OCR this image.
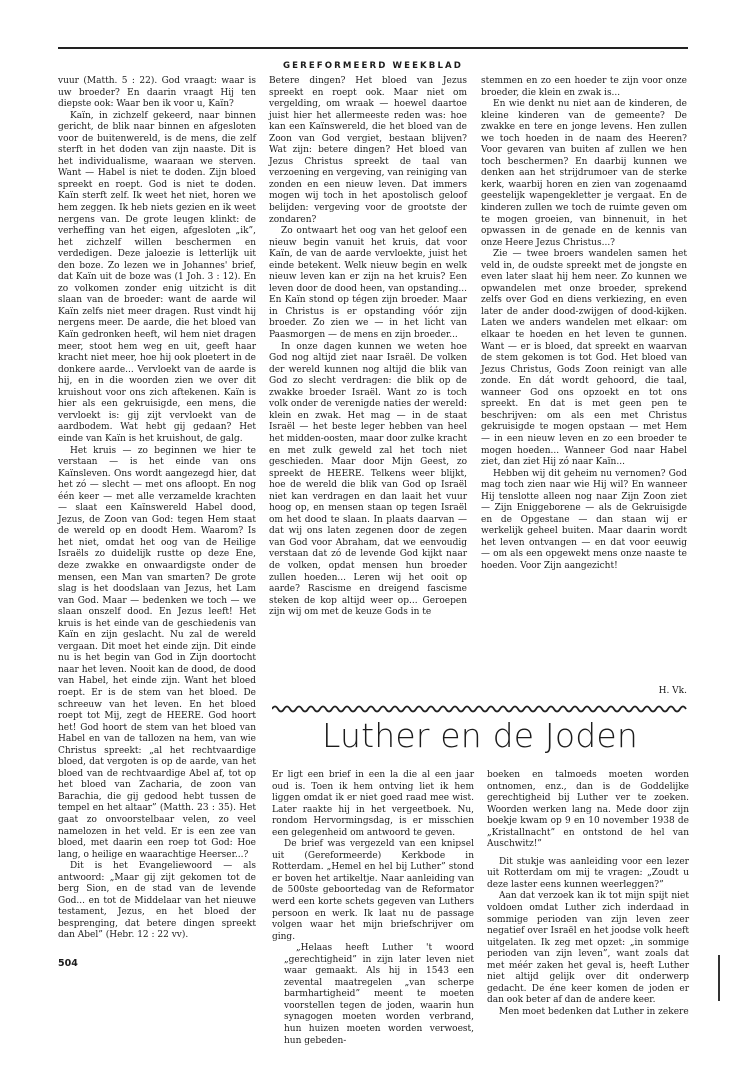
GEREFORMEERD WEEKBLAD

vuur (Matth. 5 : 22). God vraagt: waar is uw broeder? En daarin vraagt Hij ten diepste ook: Waar ben ik voor u, Kaïn?

Kaïn, in zichzelf gekeerd, naar binnen gericht, de blik naar binnen en afgesloten voor de buitenwereld, is de mens, die zelf sterft in het doden van zijn naaste. Dit is het individualisme, waaraan we sterven. Want — Habel is niet te doden. Zijn bloed spreekt en roept. God is niet te doden. Kaïn sterft zelf. Ik weet het niet, horen we hem zeggen. Ik heb niets gezien en ik weet nergens van. De grote leugen klinkt: de verheffing van het eigen, afgesloten „ik”, het zichzelf willen beschermen en verdedigen. Deze jaloezie is letterlijk uit den boze. Zo lezen we in Johannes' brief, dat Kaïn uit de boze was (1 Joh. 3 : 12). En zo volkomen zonder enig uitzicht is dit slaan van de broeder: want de aarde wil Kaïn zelfs niet meer dragen. Rust vindt hij nergens meer. De aarde, die het bloed van Kaïn gedronken heeft, wil hem niet dragen meer, stoot hem weg en uit, geeft haar kracht niet meer, hoe hij ook ploetert in de donkere aarde... Vervloekt van de aarde is hij, en in die woorden zien we over dit kruishout voor ons zich aftekenen. Kaïn is hier als een gekruisigde, een mens, die vervloekt is: gij zijt vervloekt van de aardbodem. Wat hebt gij gedaan? Het einde van Kaïn is het kruishout, de galg.

Het kruis — zo beginnen we hier te verstaan — is het einde van ons Kaïnsleven. Ons wordt aangezegd hier, dat het zó — slecht — met ons afloopt. En nog één keer — met alle verzamelde krachten — slaat een Kaïnswereld Habel dood, Jezus, de Zoon van God: tegen Hem staat de wereld op en doodt Hem. Waarom? Is het niet, omdat het oog van de Heilige Israëls zo duidelijk rustte op deze Ene, deze zwakke en onwaardigste onder de mensen, een Man van smarten? De grote slag is het doodslaan van Jezus, het Lam van God. Maar — bedenken we toch — we slaan onszelf dood. En Jezus leeft! Het kruis is het einde van de geschiedenis van Kaïn en zijn geslacht. Nu zal de wereld vergaan. Dit moet het einde zijn. Dit einde nu is het begin van God in Zijn doortocht naar het leven. Nooit kan de dood, de dood van Habel, het einde zijn. Want het bloed roept. Er is de stem van het bloed. De schreeuw van het leven. En het bloed roept tot Mij, zegt de HEERE. God hoort het! God hoort de stem van het bloed van Habel en van de tallozen na hem, van wie Christus spreekt: „al het rechtvaardige bloed, dat vergoten is op de aarde, van het bloed van de rechtvaardige Abel af, tot op het bloed van Zacharia, de zoon van Barachia, die gij gedood hebt tussen de tempel en het altaar” (Matth. 23 : 35). Het gaat zo onvoorstelbaar velen, zo veel namelozen in het veld. Er is een zee van bloed, met daarin een roep tot God: Hoe lang, o heilige en waarachtige Heerser...?

Dit is het Evangeliewoord — als antwoord: „Maar gij zijt gekomen tot de berg Sion, en de stad van de levende God... en tot de Middelaar van het nieuwe testament, Jezus, en het bloed der besprenging, dat betere dingen spreekt dan Abel” (Hebr. 12 : 22 vv).

Betere dingen? Het bloed van Jezus spreekt en roept ook. Maar niet om vergelding, om wraak — hoewel daartoe juist hier het allermeeste reden was: hoe kan een Kaïnswereld, die het bloed van de Zoon van God vergiet, bestaan blijven? Wat zijn: betere dingen? Het bloed van Jezus Christus spreekt de taal van verzoening en vergeving, van reiniging van zonden en een nieuw leven. Dat immers mogen wij toch in het apostolisch geloof belijden: vergeving voor de grootste der zondaren?

Zo ontwaart het oog van het geloof een nieuw begin vanuit het kruis, dat voor Kaïn, de van de aarde vervloekte, juist het einde betekent. Welk nieuw begin en welk nieuw leven kan er zijn na het kruis? Een leven door de dood heen, van opstanding... En Kaïn stond op tégen zijn broeder. Maar in Christus is er opstanding vóór zijn broeder. Zo zien we — in het licht van Paasmorgen — de mens en zijn broeder...

In onze dagen kunnen we weten hoe God nog altijd ziet naar Israël. De volken der wereld kunnen nog altijd die blik van God zo slecht verdragen: die blik op de zwakke broeder Israël. Want zo is toch volk onder de verenigde naties der wereld: klein en zwak. Het mag — in de staat Israël — het beste leger hebben van heel het midden-oosten, maar door zulke kracht en met zulk geweld zal het toch niet geschieden. Maar door Mijn Geest, zo spreekt de HEERE. Telkens weer blijkt, hoe de wereld die blik van God op Israël niet kan verdragen en dan laait het vuur hoog op, en mensen staan op tegen Israël om het dood te slaan. In plaats daarvan — dat wij ons laten zegenen door de zegen van God voor Abraham, dat we eenvoudig verstaan dat zó de levende God kijkt naar de volken, opdat mensen hun broeder zullen hoeden... Leren wij het ooit op aarde? Rascisme en dreigend fascisme steken de kop altijd weer op... Geroepen zijn wij om met de keuze Gods in te

stemmen en zo een hoeder te zijn voor onze broeder, die klein en zwak is...

En wie denkt nu niet aan de kinderen, de kleine kinderen van de gemeente? De zwakke en tere en jonge levens. Hen zullen we toch hoeden in de naam des Heeren? Voor gevaren van buiten af zullen we hen toch beschermen? En daarbij kunnen we denken aan het strijdrumoer van de sterke kerk, waarbij horen en zien van zogenaamd geestelijk wapengekletter je vergaat. En de kinderen zullen we toch de ruimte geven om te mogen groeien, van binnenuit, in het opwassen in de genade en de kennis van onze Heere Jezus Christus...?

Zie — twee broers wandelen samen het veld in, de oudste spreekt met de jongste en even later slaat hij hem neer. Zo kunnen we opwandelen met onze broeder, sprekend zelfs over God en diens verkiezing, en even later de ander dood-zwijgen of dood-kijken. Laten we anders wandelen met elkaar: om elkaar te hoeden en het leven te gunnen. Want — er is bloed, dat spreekt en waarvan de stem gekomen is tot God. Het bloed van Jezus Christus, Gods Zoon reinigt van alle zonde. En dát wordt gehoord, die taal, wanneer God ons opzoekt en tot ons spreekt. En dat is met geen pen te beschrijven: om als een met Christus gekruisigde te mogen opstaan — met Hem — in een nieuw leven en zo een broeder te mogen hoeden... Wanneer God naar Habel ziet, dan ziet Hij zó naar Kaïn...

Hebben wij dit geheim nu vernomen? God mag toch zien naar wie Hij wil? En wanneer Hij tenslotte alleen nog naar Zijn Zoon ziet — Zijn Eniggeborene — als de Gekruisigde en de Opgestane — dan staan wij er werkelijk geheel buiten. Maar daarin wordt het leven ontvangen — en dat voor eeuwig — om als een opgewekt mens onze naaste te hoeden. Voor Zijn aangezicht!

H. Vk.
Luther en de Joden

Er ligt een brief in een la die al een jaar oud is. Toen ik hem ontving liet ik hem liggen omdat ik er niet goed raad mee wist. Later raakte hij in het vergeetboek. Nu, rondom Hervormingsdag, is er misschien een gelegenheid om antwoord te geven.

De brief was vergezeld van een knipsel uit (Gereformeerde) Kerkbode in Rotterdam. „Hemel en hel bij Luther” stond er boven het artikeltje. Naar aanleiding van de 500ste geboortedag van de Reformator werd een korte schets gegeven van Luthers persoon en werk. Ik laat nu de passage volgen waar het mijn briefschrijver om ging.

„Helaas heeft Luther 't woord „gerechtigheid” in zijn later leven niet waar gemaakt. Als hij in 1543 een zevental maatregelen „van scherpe barmhartigheid” meent te moeten voorstellen tegen de joden, waarin hun synagogen moeten worden verbrand, hun huizen moeten worden verwoest, hun gebeden-

boeken en talmoeds moeten worden ontnomen, enz., dan is de Goddelijke gerechtigheid bij Luther ver te zoeken. Woorden werken lang na. Mede door zijn boekje kwam op 9 en 10 november 1938 de „Kristallnacht” en ontstond de hel van Auschwitz!”

Dit stukje was aanleiding voor een lezer uit Rotterdam om mij te vragen: „Zoudt u deze laster eens kunnen weerleggen?”

Aan dat verzoek kan ik tot mijn spijt niet voldoen omdat Luther zich inderdaad in sommige perioden van zijn leven zeer negatief over Israël en het joodse volk heeft uitgelaten. Ik zeg met opzet: „in sommige perioden van zijn leven”, want zoals dat met méér zaken het geval is, heeft Luther niet altijd gelijk over dit onderwerp gedacht. De éne keer komen de joden er dan ook beter af dan de andere keer.

Men moet bedenken dat Luther in zekere

504
